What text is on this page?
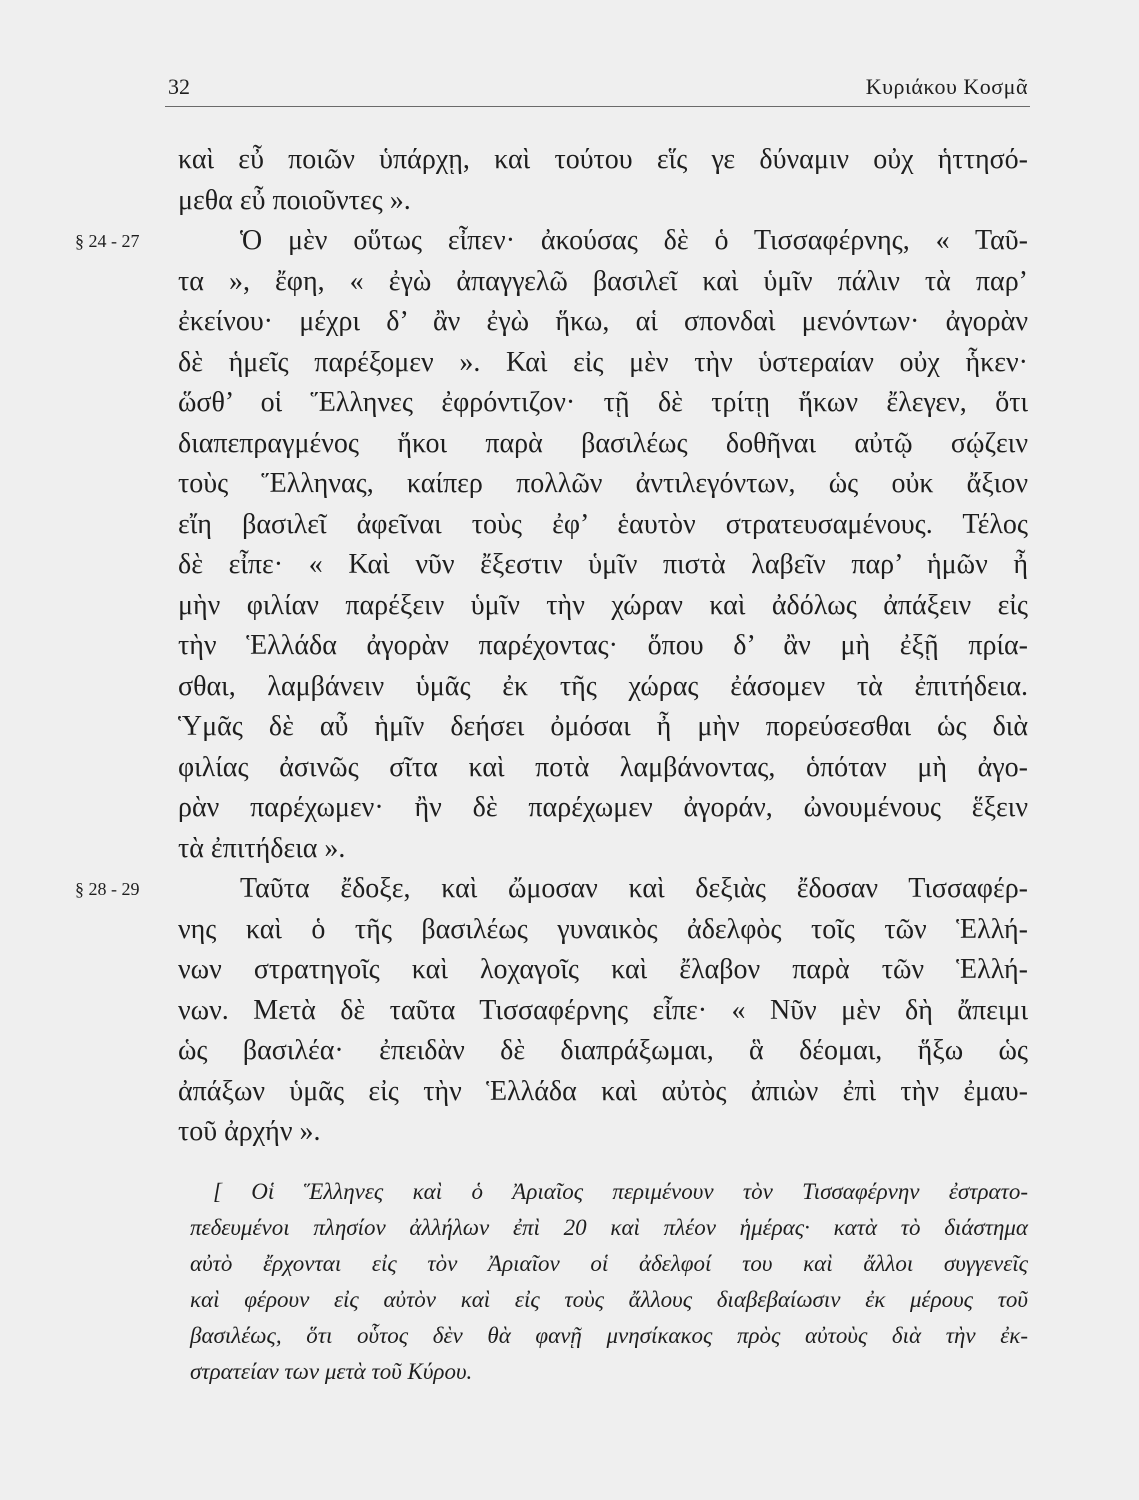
32	Κυριάκου Κοσμᾶ
καὶ εὖ ποιῶν ὑπάρχῃ, καὶ τούτου εἵς γε δύναμιν οὐχ ἡττησό-
μεθα εὖ ποιοῦντες ».
§ 24 - 27	Ὁ μὲν οὕτως εἶπεν· ἀκούσας δὲ ὁ Τισσαφέρνης, « Ταῦ-
τα », ἔφη, « ἐγὼ ἀπαγγελῶ βασιλεῖ καὶ ὑμῖν πάλιν τὰ παρ’
ἐκείνου· μέχρι δ’ ἂν ἐγὼ ἥκω, αἱ σπονδαὶ μενόντων· ἀγορὰν
δὲ ἡμεῖς παρέξομεν ». Καὶ εἰς μὲν τὴν ὑστεραίαν οὐχ ἧκεν·
ὥσθ’ οἱ Ἕλληνες ἐφρόντιζον· τῇ δὲ τρίτῃ ἥκων ἔλεγεν, ὅτι
διαπεπραγμένος ἥκοι παρὰ βασιλέως δοθῆναι αὐτῷ σῴζειν
τοὺς Ἕλληνας, καίπερ πολλῶν ἀντιλεγόντων, ὡς οὐκ ἄξιον
εἴη βασιλεῖ ἀφεῖναι τοὺς ἐφ’ ἑαυτὸν στρατευσαμένους. Τέλος
δὲ εἶπε· « Καὶ νῦν ἔξεστιν ὑμῖν πιστὰ λαβεῖν παρ’ ἡμῶν ἦ
μὴν φιλίαν παρέξειν ὑμῖν τὴν χώραν καὶ ἀδόλως ἀπάξειν εἰς
τὴν Ἑλλάδα ἀγορὰν παρέχοντας· ὅπου δ’ ἂν μὴ ἐξῇ πρία-
σθαι, λαμβάνειν ὑμᾶς ἐκ τῆς χώρας ἐάσομεν τὰ ἐπιτήδεια.
Ὑμᾶς δὲ αὖ ἡμῖν δεήσει ὀμόσαι ἦ μὴν πορεύσεσθαι ὡς διὰ
φιλίας ἀσινῶς σῖτα καὶ ποτὰ λαμβάνοντας, ὁπόταν μὴ ἀγο-
ρὰν παρέχωμεν· ἢν δὲ παρέχωμεν ἀγοράν, ὠνουμένους ἕξειν
τὰ ἐπιτήδεια ».
§ 28 - 29	Ταῦτα ἔδοξε, καὶ ὤμοσαν καὶ δεξιὰς ἔδοσαν Τισσαφέρ-
νης καὶ ὁ τῆς βασιλέως γυναικὸς ἀδελφὸς τοῖς τῶν Ἑλλή-
νων στρατηγοῖς καὶ λοχαγοῖς καὶ ἔλαβον παρὰ τῶν Ἑλλή-
νων. Μετὰ δὲ ταῦτα Τισσαφέρνης εἶπε· « Νῦν μὲν δὴ ἄπειμι
ὡς βασιλέα· ἐπειδὰν δὲ διαπράξωμαι, ἃ δέομαι, ἥξω ὡς
ἀπάξων ὑμᾶς εἰς τὴν Ἑλλάδα καὶ αὐτὸς ἀπιὼν ἐπὶ τὴν ἐμαυ-
τοῦ ἀρχήν ».
[ Οἱ Ἕλληνες καὶ ὁ Ἀριαῖος περιμένουν τὸν Τισσαφέρνην ἐστρατο-
πεδευμένοι πλησίον ἀλλήλων ἐπὶ 20 καὶ πλέον ἡμέρας· κατὰ τὸ διάστημα
αὐτὸ ἔρχονται εἰς τὸν Ἀριαῖον οἱ ἀδελφοί του καὶ ἄλλοι συγγενεῖς
καὶ φέρουν εἰς αὐτὸν καὶ εἰς τοὺς ἄλλους διαβεβαίωσιν ἐκ μέρους τοῦ
βασιλέως, ὅτι οὗτος δὲν θὰ φανῇ μνησίκακος πρὸς αὐτοὺς διὰ τὴν ἐκ-
στρατείαν των μετὰ τοῦ Κύρου.
